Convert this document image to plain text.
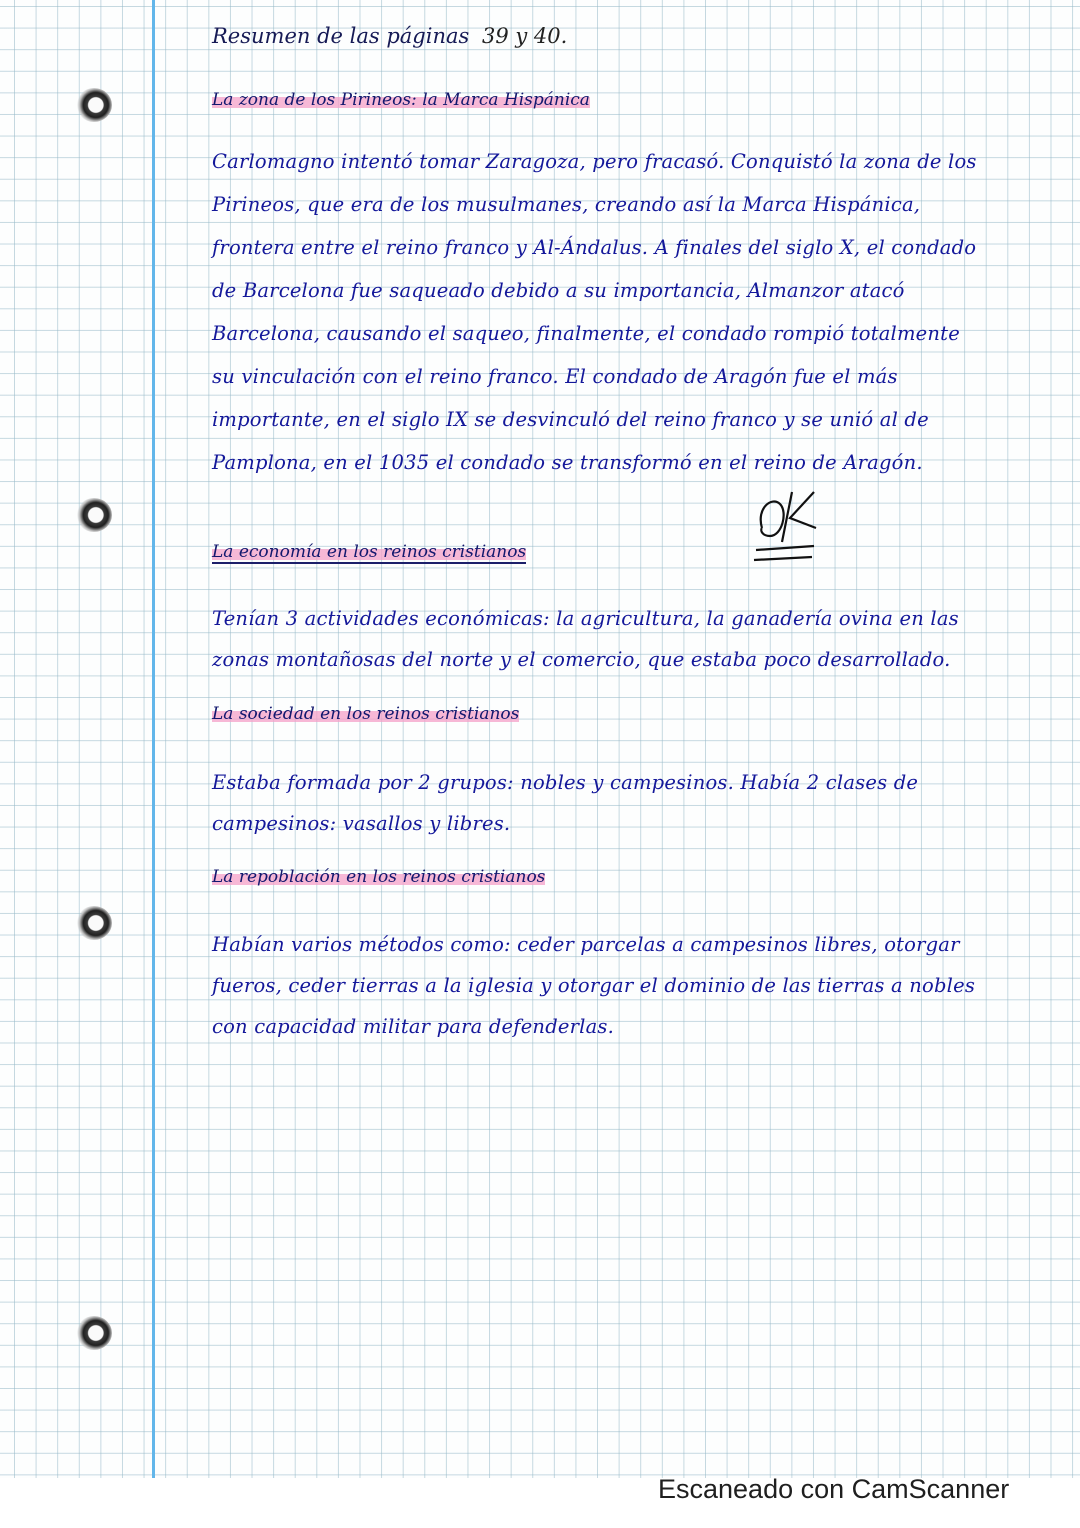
Resumen de las páginas 39 y 40.
La zona de los Pirineos: la Marca Hispánica
Carlomagno intentó tomar Zaragoza, pero fracasó. Conquistó la zona de los Pirineos, que era de los musulmanes, creando así la Marca Hispánica, frontera entre el reino franco y Al-Ándalus. A finales del siglo X, el condado de Barcelona fue saqueado debido a su importancia, Almanzor atacó Barcelona, causando el saqueo, finalmente, el condado rompió totalmente su vinculación con el reino franco. El condado de Aragón fue el más importante, en el siglo IX se desvinculó del reino franco y se unió al de Pamplona, en el 1035 el condado se transformó en el reino de Aragón.
La economía en los reinos cristianos
Tenían 3 actividades económicas: la agricultura, la ganadería ovina en las zonas montañosas del norte y el comercio, que estaba poco desarrollado.
La sociedad en los reinos cristianos
Estaba formada por 2 grupos: nobles y campesinos. Había 2 clases de campesinos: vasallos y libres.
La repoblación en los reinos cristianos
Habían varios métodos como: ceder parcelas a campesinos libres, otorgar fueros, ceder tierras a la iglesia y otorgar el dominio de las tierras a nobles con capacidad militar para defenderlas.
Escaneado con CamScanner
